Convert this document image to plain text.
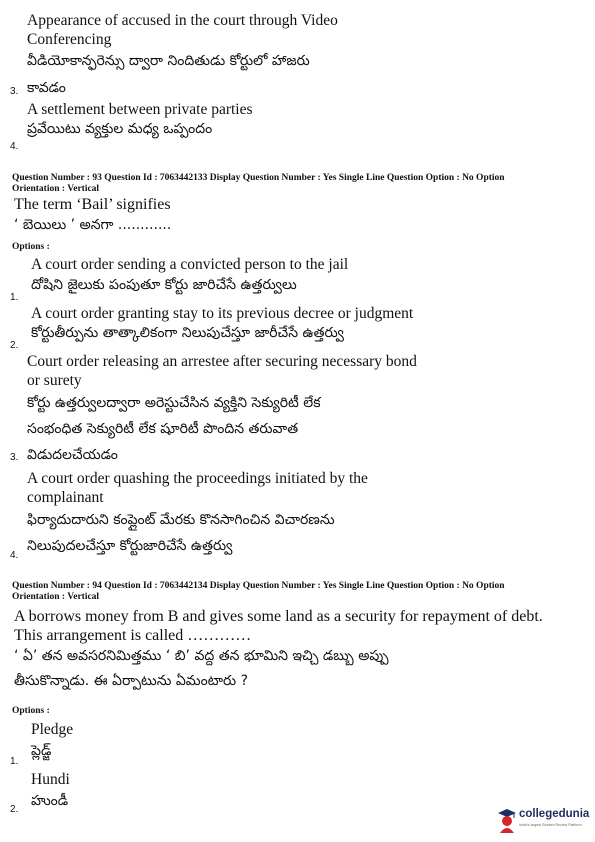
Appearance of accused in the court through Video
Conferencing
వీడియోకాన్ఫరెన్సు ద్వారా నిందితుడు కోర్టులో హాజరు
3. కావడం
A settlement between private parties
ప్రవేయిటు వ్యక్తుల మధ్య ఒప్పందం
4.
Question Number : 93 Question Id : 7063442133 Display Question Number : Yes Single Line Question Option : No Option
Orientation : Vertical
The term ‘Bail’ signifies
‘ బెయిలు ’ అనగా ............
Options :
A court order sending a convicted person to the jail
దోషిని జైలుకు పంపుతూ కోర్టు జారిచేసే ఉత్తర్వులు
1.
A court order granting stay to its previous decree or judgment
కోర్టుతీర్పును తాత్కాలికంగా నిలుపుచేస్తూ జారీచేసే ఉత్తర్వు
2.
Court order releasing an arrestee after securing necessary bond
or surety
కోర్టు ఉత్తర్వులద్వారా అరెస్టుచేసిన వ్యక్తిని సెక్యురిటీ లేక
సంభంధిత సెక్యురిటీ లేక షూరిటీ పొందిన తరువాత
విడుదలచేయడం
3.
A court order quashing the proceedings initiated by the
complainant
ఫిర్యాదుదారుని కంప్లైంట్ మేరకు కొనసాగించిన విచారణను
నిలుపుదలచేస్తూ కోర్టుజారిచేసే ఉత్తర్వు
4.
Question Number : 94 Question Id : 7063442134 Display Question Number : Yes Single Line Question Option : No Option
Orientation : Vertical
A borrows money from B and gives some land as a security for repayment of debt.
This arrangement is called …………
‘ ఏ’ తన అవసరనిమిత్తము ‘ బి’ వద్ద తన భూమిని ఇచ్చి డబ్బు అప్పు
తీసుకొన్నాడు. ఈ ఏర్పాటును ఏమంటారు ?
Options :
Pledge
ప్లెడ్జ్
1.
Hundi
హుండీ
2.	collegedunia
India's largest Student Review Platform
